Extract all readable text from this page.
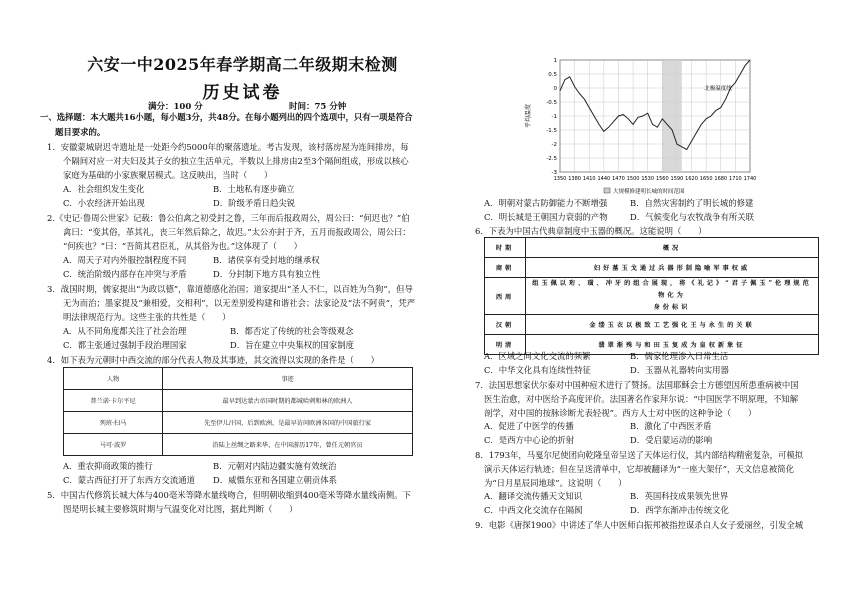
六安一中2025年春学期高二年级期末检测
历史试卷
满分：100 分	时间：75 分钟
一、选择题：本大题共16小题，每小题3分，共48分。在每小题列出的四个选项中，只有一项是符合
题目要求的。
1．安徽蒙城尉迟寺遗址是一处距今约5000年的聚落遗址。考古发现，该村落房屋为连间排房，每
个隔间对应一对夫妇及其子女的独立生活单元，半数以上排房由2至3个隔间组成，形成以核心
家庭为基础的小家族聚居模式。这反映出，当时（　　）
A．社会组织发生变化	B．土地私有逐步确立
C．小农经济开始出现	D．阶级矛盾日趋尖锐
2.《史记·鲁周公世家》记载：鲁公伯禽之初受封之鲁，三年而后报政周公，周公曰：“何迟也？”伯
禽曰：“变其俗，革其礼，丧三年然后除之，故迟。”太公亦封于齐，五月而报政周公，周公曰：
“何疾也？”曰：“吾简其君臣礼，从其俗为也。”这体现了（　　）
A．周天子对内外服控制程度不同	B．诸侯享有受封地的继承权
C．统治阶级内部存在冲突与矛盾	D．分封制下地方具有独立性
3．战国时期，儒家提出“为政以德”，靠道德感化治国；道家提出“圣人不仁，以百姓为刍狗”，但导
无为而治；墨家提及“兼相爱，交相利”，以无差别爱构建和谐社会；法家论及“法不阿贵”，凭严
明法律规范行为。这些主张的共性是（　　）
A．从不同角度都关注了社会治理	B．都否定了传统的社会等级观念
C．都主张通过强制手段治理国家	D．旨在建立中央集权的国家制度
4．如下表为元朝时中西交流的部分代表人物及其事迹，其交流得以实现的条件是（　　）
人物	事迹
普兰诺·卡尔平尼	最早到达蒙古帝国时期的都城哈剌和林的欧洲人
列班·扫马	先至伊儿汗国，后到欧洲，是最早访问欧洲各国的中国旅行家
马可·波罗	沿陆上丝绸之路来华，在中国游历17年，曾任元朝官员
A．重农抑商政策的推行	B．元朝对内陆边疆实施有效统治
C．蒙古西征打开了东西方交流通道 D．威慑东亚和各国建立朝贡体系
5．中国古代修筑长城大体与400毫米等降水量线吻合，但明朝收缩到400毫米等降水量线南侧。下
图是明长城主要修筑时期与气温变化对比图，据此判断（　　）
1350 1380 1410 1440 1470 1500 1530 1560 1590 1620 1650 1680 1710 1740
1
0.5
0
-0.5
-1
-1.5
-2
-2.5
-3
平均温度
北极温度线
大规模修建明长城的时间范围
A．明朝对蒙古防御能力不断增强	B．自然灾害制约了明长城的修建
C．明长城是王朝国力衰弱的产物	D．气候变化与农牧战争有所关联
6．下表为中国古代典章制度中玉器的概况。这能说明（　　）
时期	概况
商朝	妇好墓玉戈通过兵器形制隐喻军事权威
西周	组玉佩以珩、璜、冲牙的组合展现，将《礼记》“君子佩玉”伦理规范物化为
身份标识
汉朝	金缕玉衣以极致工艺强化王与永生的关联
明清	翡翠渐殊与和田玉复成为皇权新象征
A．区域之间文化交流的频繁	B．儒家伦理渗入日常生活
C．中华文化具有连续性特征	D．玉器从礼器转向实用器
7．法国思想家伏尔泰对中国种痘术进行了赞扬。法国耶稣会士方德望因所患重病被中国
医生治愈，对中医给予高度评价。法国著名作家拜尔说：“中国医学不明原理，不知解
剖学，对中国的按脉诊断尤表轻视”。西方人士对中医的这种争论（　　）
A．促进了中医学的传播	B．激化了中西医矛盾
C．是西方中心论的折射	D．受启蒙运动的影响
8．1793年，马戛尔尼使团向乾隆皇帝呈送了天体运行仪，其内部结构精密复杂，可模拟
演示天体运行轨迹；但在呈送清单中，它却被翻译为“一座大架仔”，天文信息被简化
为“日月星辰同地球”。这说明（　　）
A．翻译交流传播天文知识	B．英国科技成果领先世界
C．中西文化交流存在隔阂	D．西学东渐冲击传统文化
9．电影《唐探1900》中讲述了华人中医师白振邦被指控谋杀白人女子爱丽丝，引发全城
